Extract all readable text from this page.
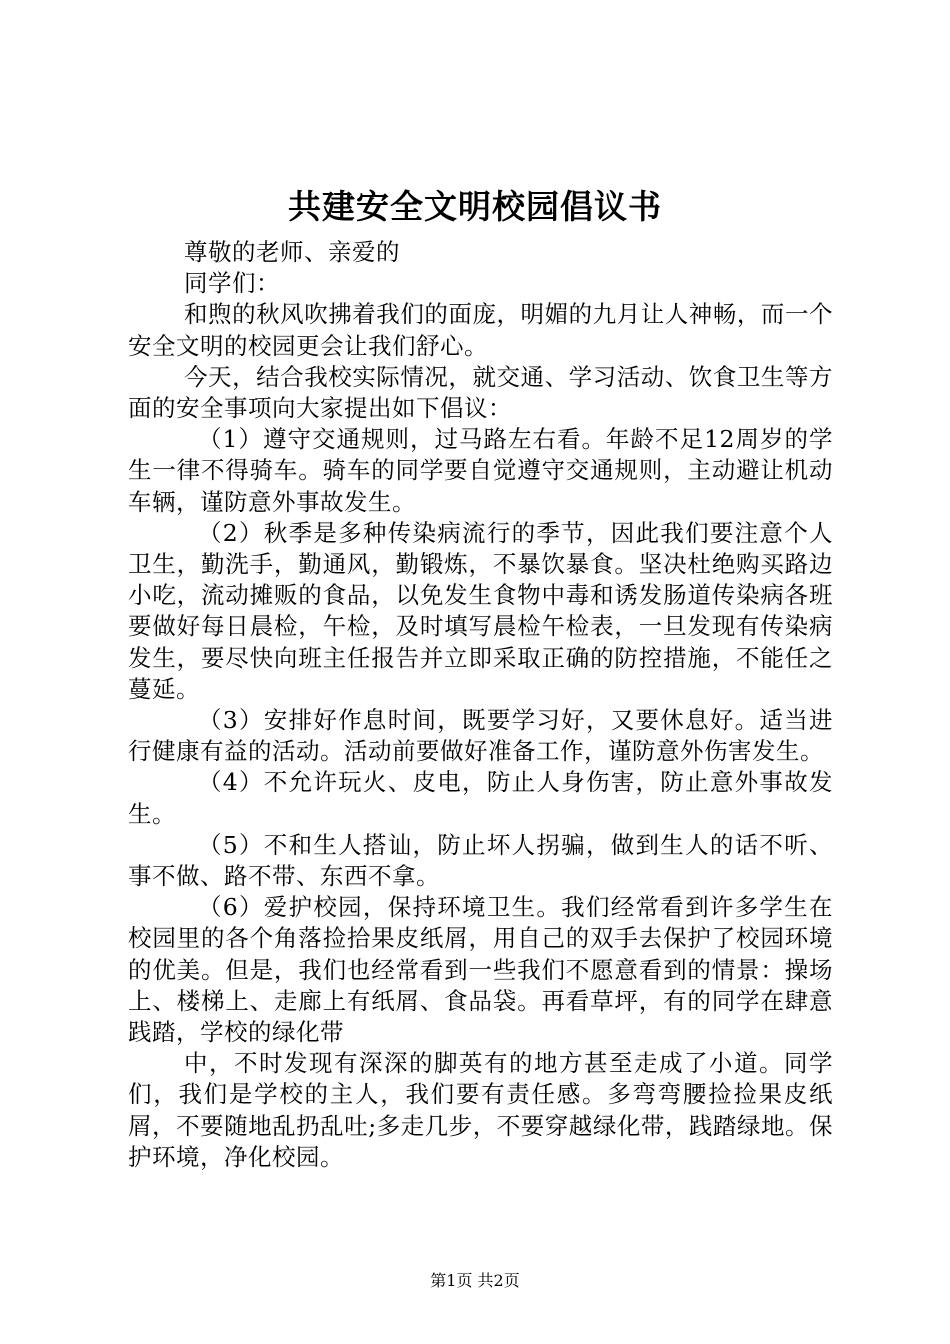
共建安全文明校园倡议书

尊敬的老师、亲爱的

同学们：

和煦的秋风吹拂着我们的面庞，明媚的九月让人神畅，而一个安全文明的校园更会让我们舒心。

今天，结合我校实际情况，就交通、学习活动、饮食卫生等方面的安全事项向大家提出如下倡议：

（1）遵守交通规则，过马路左右看。年龄不足12周岁的学生一律不得骑车。骑车的同学要自觉遵守交通规则，主动避让机动车辆，谨防意外事故发生。

（2）秋季是多种传染病流行的季节，因此我们要注意个人卫生，勤洗手，勤通风，勤锻炼，不暴饮暴食。坚决杜绝购买路边小吃，流动摊贩的食品，以免发生食物中毒和诱发肠道传染病各班要做好每日晨检，午检，及时填写晨检午检表，一旦发现有传染病发生，要尽快向班主任报告并立即采取正确的防控措施，不能任之蔓延。

（3）安排好作息时间，既要学习好，又要休息好。适当进行健康有益的活动。活动前要做好准备工作，谨防意外伤害发生。

（4）不允许玩火、皮电，防止人身伤害，防止意外事故发生。

（5）不和生人搭讪，防止坏人拐骗，做到生人的话不听、事不做、路不带、东西不拿。

（6）爱护校园，保持环境卫生。我们经常看到许多学生在校园里的各个角落捡拾果皮纸屑，用自己的双手去保护了校园环境的优美。但是，我们也经常看到一些我们不愿意看到的情景：操场上、楼梯上、走廊上有纸屑、食品袋。再看草坪，有的同学在肆意践踏，学校的绿化带

中，不时发现有深深的脚英有的地方甚至走成了小道。同学们，我们是学校的主人，我们要有责任感。多弯弯腰捡捡果皮纸屑，不要随地乱扔乱吐;多走几步，不要穿越绿化带，践踏绿地。保护环境，净化校园。

第1页 共2页
